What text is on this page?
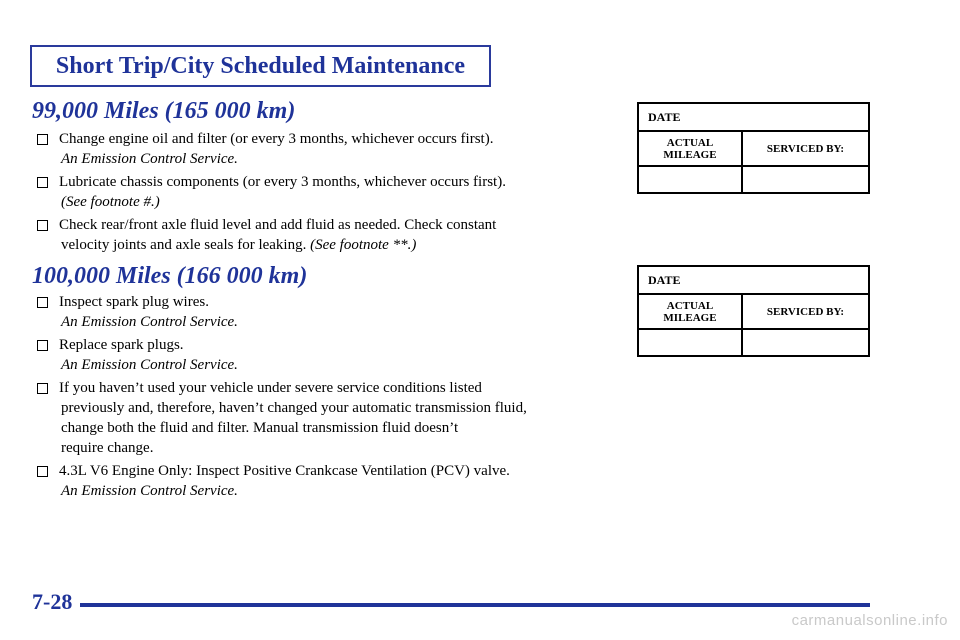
Short Trip/City Scheduled Maintenance
99,000 Miles (165 000 km)
Change engine oil and filter (or every 3 months, whichever occurs first).
An Emission Control Service.
Lubricate chassis components (or every 3 months, whichever occurs first).
(See footnote #.)
Check rear/front axle fluid level and add fluid as needed. Check constant
velocity joints and axle seals for leaking. (See footnote **.)
100,000 Miles (166 000 km)
Inspect spark plug wires.
An Emission Control Service.
Replace spark plugs.
An Emission Control Service.
If you haven’t used your vehicle under severe service conditions listed
previously and, therefore, haven’t changed your automatic transmission fluid,
change both the fluid and filter. Manual transmission fluid doesn’t
require change.
4.3L V6 Engine Only: Inspect Positive Crankcase Ventilation (PCV) valve.
An Emission Control Service.
DATE
ACTUAL
MILEAGE	SERVICED BY:
DATE
ACTUAL
MILEAGE	SERVICED BY:
7-28
carmanualsonline.info
